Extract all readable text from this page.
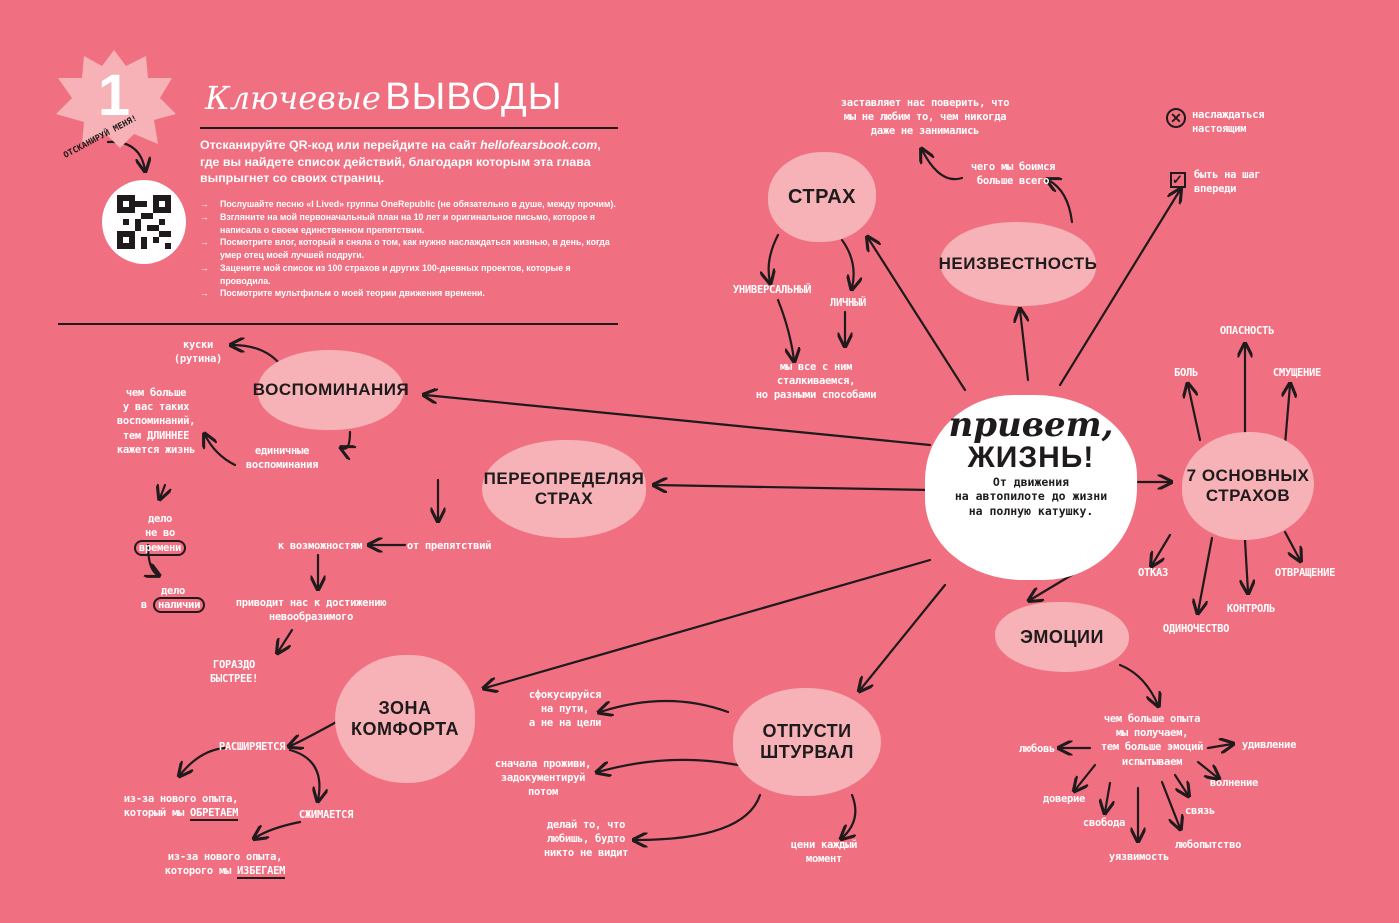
1	Ключевые ВЫВОДЫ
Отсканируйте QR-код или перейдите на сайт hellofearsbook.com, где вы найдете список действий, благодаря которым эта глава выпрыгнет со своих страниц.
ОТСКАНИРУЙ МЕНЯ!
→ Послушайте песню «I Lived» группы OneRepublic (не обязательно в душе, между прочим).
→ Взгляните на мой первоначальный план на 10 лет и оригинальное письмо, которое я написала о своем единственном препятствии.
→ Посмотрите влог, который я сняла о том, как нужно наслаждаться жизнью, в день, когда умер отец моей лучшей подруги.
→ Зацените мой список из 100 страхов и других 100-дневных проектов, которые я проводила.
→ Посмотрите мультфильм о моей теории движения времени.
привет,
ЖИЗНЬ!
От движения
на автопилоте до жизни
на полную катушку.
СТРАХ
НЕИЗВЕСТНОСТЬ
ВОСПОМИНАНИЯ
ПЕРЕОПРЕДЕЛЯЯ
СТРАХ
7 ОСНОВНЫХ
СТРАХОВ
ЭМОЦИИ
ЗОНА
КОМФОРТА	ОТПУСТИ
ШТУРВАЛ
УНИВЕРСАЛЬНЫЙ
ЛИЧНЫЙ
мы все с ним
сталкиваемся,
но разными способами
чего мы боимся
больше всего
заставляет нас поверить, что
мы не любим то, чем никогда
даже не занимались
✕ наслаждаться
настоящим
✓ быть на шаг
впереди
куски
(рутина)
единичные
воспоминания
чем больше
у вас таких
воспоминаний,
тем ДЛИННЕЕ
кажется жизнь

дело
не во
времени

дело
в наличии

от препятствий
к возможностям
приводит нас к достижению
невообразимого
ГОРАЗДО
БЫСТРЕЕ!
РАСШИРЯЕТСЯ

из-за нового опыта,
который мы ОБРЕТАЕМ	СЖИМАЕТСЯ

из-за нового опыта,
которого мы ИЗБЕГАЕМ

сфокусируйся
на пути,
а не на цели
сначала проживи,
задокументируй
потом
делай то, что
любишь, будто
никто не видит
цени каждый
момент
ОПАСНОСТЬ
БОЛЬ	СМУЩЕНИЕ
ОТКАЗ
ОДИНОЧЕСТВО
КОНТРОЛЬ
ОТВРАЩЕНИЕ
чем больше опыта
мы получаем,
тем больше эмоций
испытываем
любовь	удивление
доверие
свобода
уязвимость
волнение
связь
любопытство
